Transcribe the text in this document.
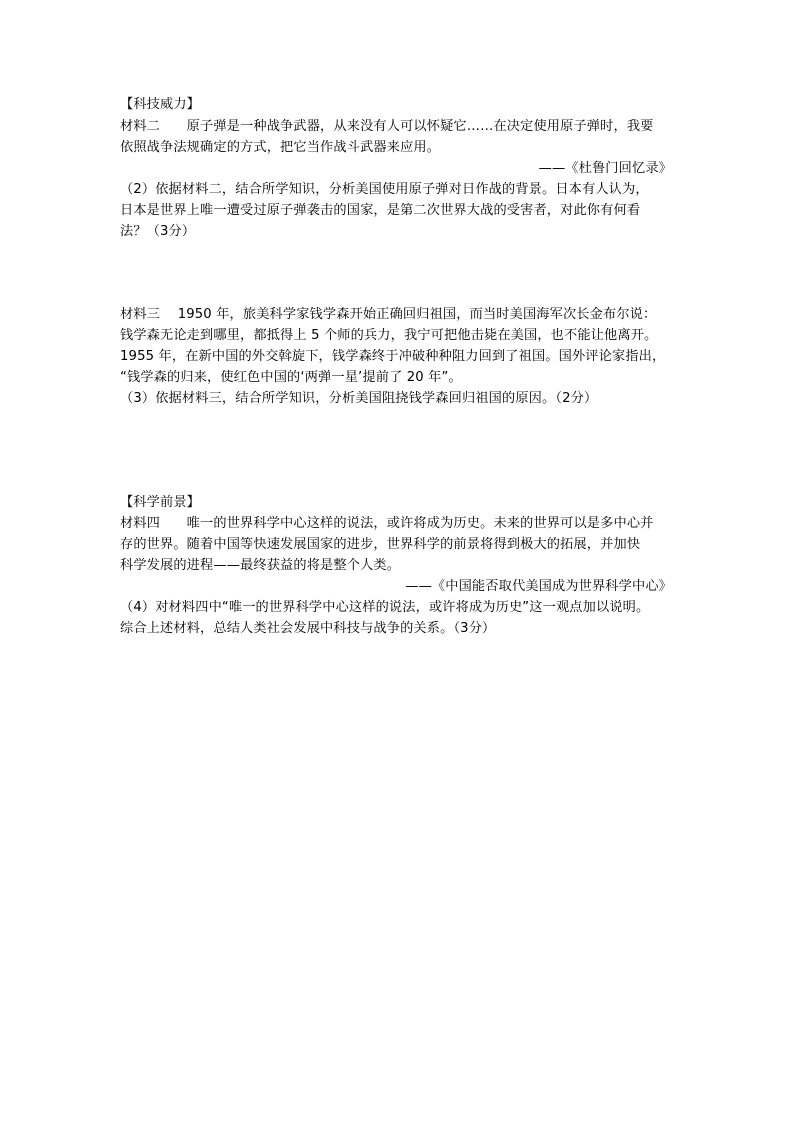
【科技威力】
材料二　　原子弹是一种战争武器，从来没有人可以怀疑它……在决定使用原子弹时，我要
依照战争法规确定的方式，把它当作战斗武器来应用。
——《杜鲁门回忆录》
（2）依据材料二，结合所学知识，分析美国使用原子弹对日作战的背景。日本有人认为，
日本是世界上唯一遭受过原子弹袭击的国家，是第二次世界大战的受害者，对此你有何看
法？（3分）
材料三　 1950 年，旅美科学家钱学森开始正确回归祖国，而当时美国海军次长金布尔说：
钱学森无论走到哪里，都抵得上 5 个师的兵力，我宁可把他击毙在美国，也不能让他离开。
1955 年，在新中国的外交斡旋下，钱学森终于冲破种种阻力回到了祖国。国外评论家指出，
“钱学森的归来，使红色中国的‘两弹一星’提前了 20 年”。
（3）依据材料三，结合所学知识，分析美国阻挠钱学森回归祖国的原因。（2分）
【科学前景】
材料四　　唯一的世界科学中心这样的说法，或许将成为历史。未来的世界可以是多中心并
存的世界。随着中国等快速发展国家的进步，世界科学的前景将得到极大的拓展，并加快
科学发展的进程——最终获益的将是整个人类。
——《中国能否取代美国成为世界科学中心》
（4）对材料四中“唯一的世界科学中心这样的说法，或许将成为历史”这一观点加以说明。
综合上述材料，总结人类社会发展中科技与战争的关系。（3分）
